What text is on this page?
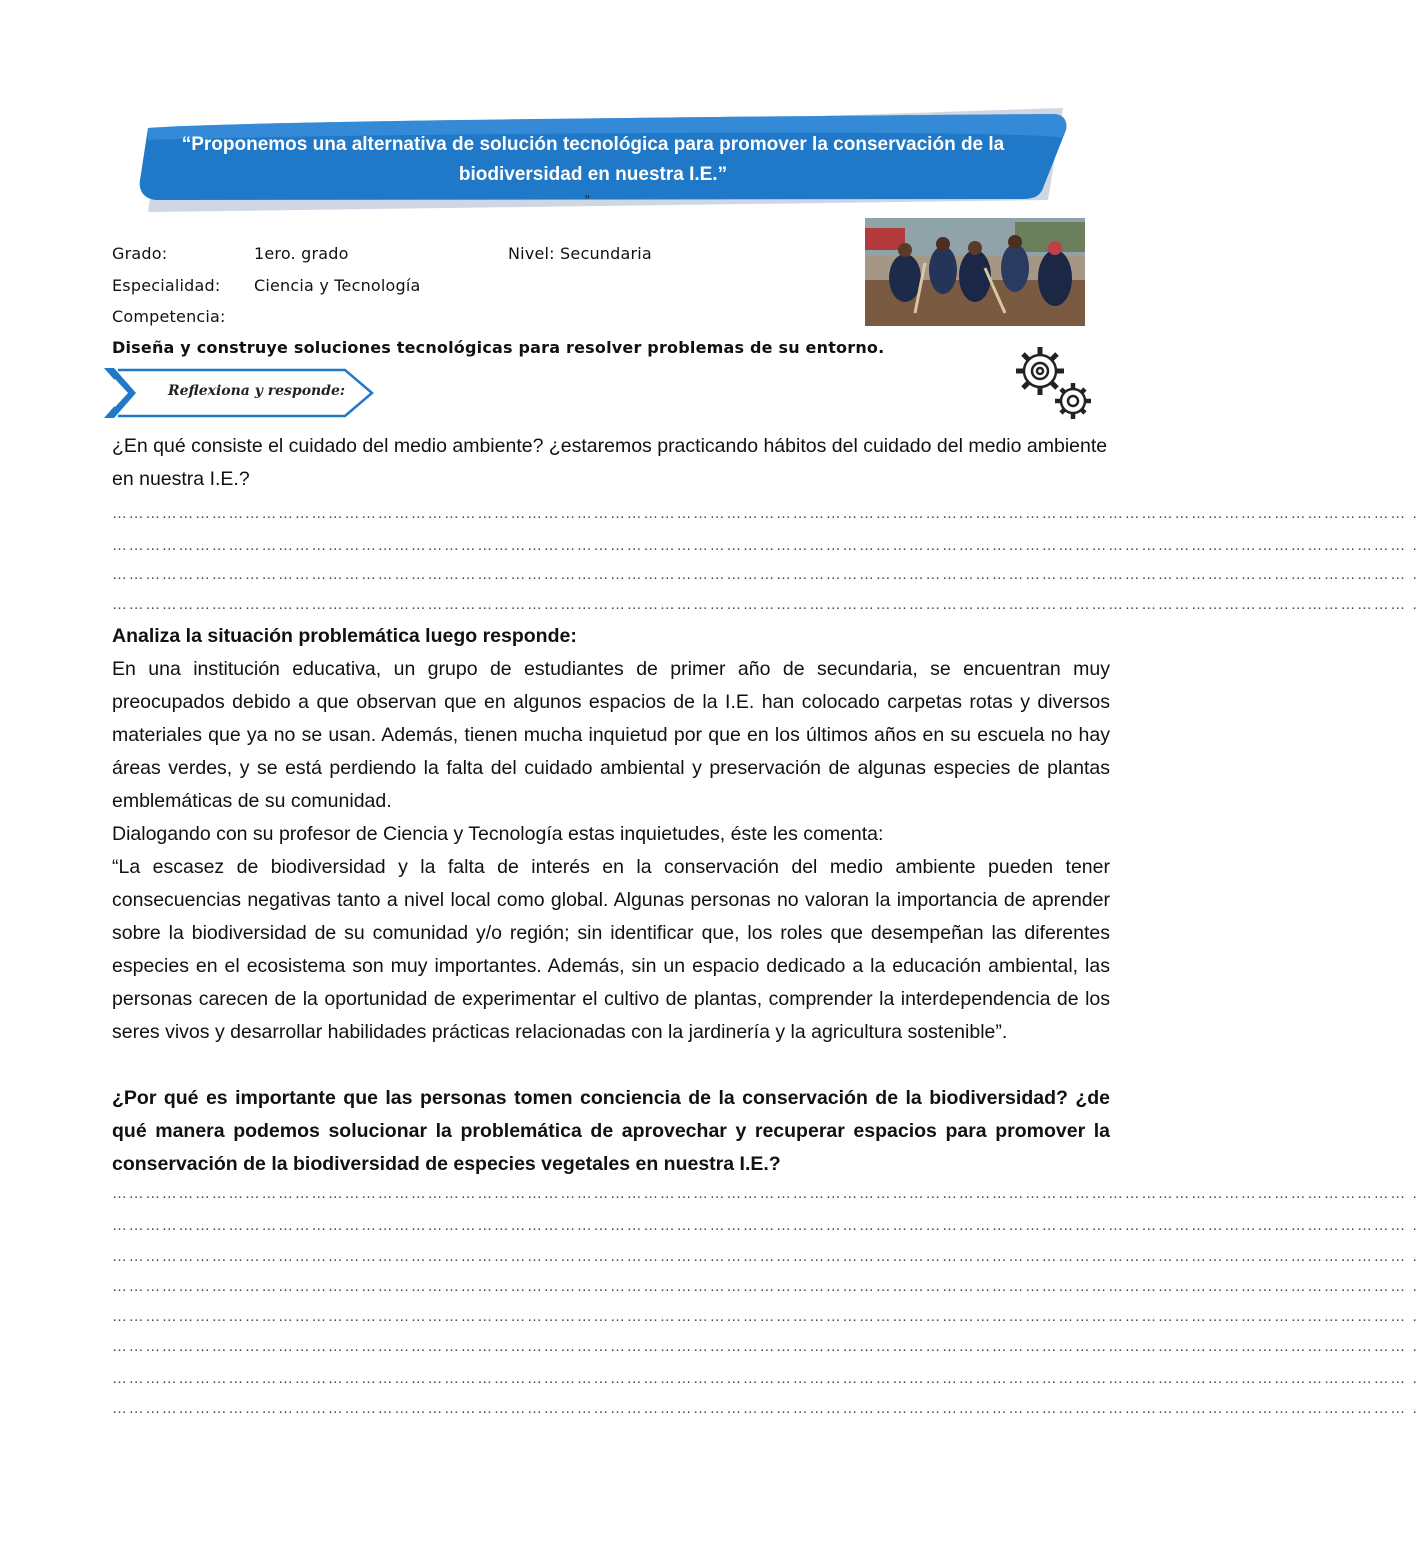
“Proponemos una alternativa de solución tecnológica para promover la conservación de la biodiversidad en nuestra I.E.”
”
Grado:	1ero. grado	Nivel: Secundaria
Especialidad: Ciencia y Tecnología
Competencia:
Diseña y construye soluciones tecnológicas para resolver problemas de su entorno.
Reflexiona y responde:
¿En qué consiste el cuidado del medio ambiente? ¿estaremos practicando hábitos del cuidado del medio ambiente en nuestra I.E.?
……………………………………………………………………………………………………………………………………………………………………………………………………………… .
……………………………………………………………………………………………………………………………………………………………………………………………………………… .
……………………………………………………………………………………………………………………………………………………………………………………………………………… .
……………………………………………………………………………………………………………………………………………………………………………………………………………… .
Analiza la situación problemática luego responde:
En una institución educativa, un grupo de estudiantes de primer año de secundaria, se encuentran muy preocupados debido a que observan que en algunos espacios de la I.E. han colocado carpetas rotas y diversos materiales que ya no se usan. Además, tienen mucha inquietud por que en los últimos años en su escuela no hay áreas verdes, y se está perdiendo la falta del cuidado ambiental y preservación de algunas especies de plantas emblemáticas de su comunidad.
Dialogando con su profesor de Ciencia y Tecnología estas inquietudes, éste les comenta:
“La escasez de biodiversidad y la falta de interés en la conservación del medio ambiente pueden tener consecuencias negativas tanto a nivel local como global. Algunas personas no valoran la importancia de aprender sobre la biodiversidad de su comunidad y/o región; sin identificar que, los roles que desempeñan las diferentes especies en el ecosistema son muy importantes. Además, sin un espacio dedicado a la educación ambiental, las personas carecen de la oportunidad de experimentar el cultivo de plantas, comprender la interdependencia de los seres vivos y desarrollar habilidades prácticas relacionadas con la jardinería y la agricultura sostenible”.
¿Por qué es importante que las personas tomen conciencia de la conservación de la biodiversidad? ¿de qué manera podemos solucionar la problemática de aprovechar y recuperar espacios para promover la conservación de la biodiversidad de especies vegetales en nuestra I.E.?
……………………………………………………………………………………………………………………………………………………………………………………………………………… .
……………………………………………………………………………………………………………………………………………………………………………………………………………… .
……………………………………………………………………………………………………………………………………………………………………………………………………………… .
……………………………………………………………………………………………………………………………………………………………………………………………………………… .
……………………………………………………………………………………………………………………………………………………………………………………………………………… .
……………………………………………………………………………………………………………………………………………………………………………………………………………… .
……………………………………………………………………………………………………………………………………………………………………………………………………………… .
……………………………………………………………………………………………………………………………………………………………………………………………………………… .
